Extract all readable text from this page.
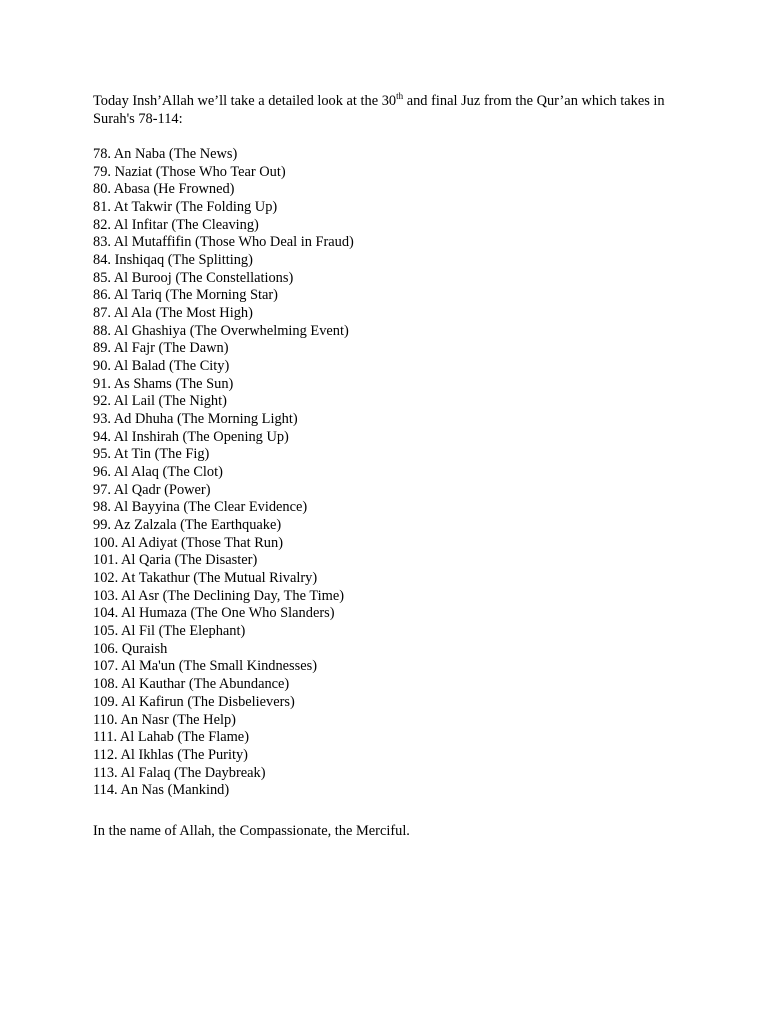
Today Insh’Allah we’ll take a detailed look at the 30th and final Juz from the Qur’an which takes in Surah's 78-114:

78. An Naba (The News)
79. Naziat (Those Who Tear Out)
80. Abasa (He Frowned)
81. At Takwir (The Folding Up)
82. Al Infitar (The Cleaving)
83. Al Mutaffifin (Those Who Deal in Fraud)
84. Inshiqaq (The Splitting)
85. Al Burooj (The Constellations)
86. Al Tariq (The Morning Star)
87. Al Ala (The Most High)
88. Al Ghashiya (The Overwhelming Event)
89. Al Fajr (The Dawn)
90. Al Balad (The City)
91. As Shams (The Sun)
92. Al Lail (The Night)
93. Ad Dhuha (The Morning Light)
94. Al Inshirah (The Opening Up)
95. At Tin (The Fig)
96. Al Alaq (The Clot)
97. Al Qadr (Power)
98. Al Bayyina (The Clear Evidence)
99. Az Zalzala (The Earthquake)
100. Al Adiyat (Those That Run)
101. Al Qaria (The Disaster)
102. At Takathur (The Mutual Rivalry)
103. Al Asr (The Declining Day, The Time)
104. Al Humaza (The One Who Slanders)
105. Al Fil (The Elephant)
106. Quraish
107. Al Ma'un (The Small Kindnesses)
108. Al Kauthar (The Abundance)
109. Al Kafirun (The Disbelievers)
110. An Nasr (The Help)
111. Al Lahab (The Flame)
112. Al Ikhlas (The Purity)
113. Al Falaq (The Daybreak)
114. An Nas (Mankind)

In the name of Allah, the Compassionate, the Merciful.
